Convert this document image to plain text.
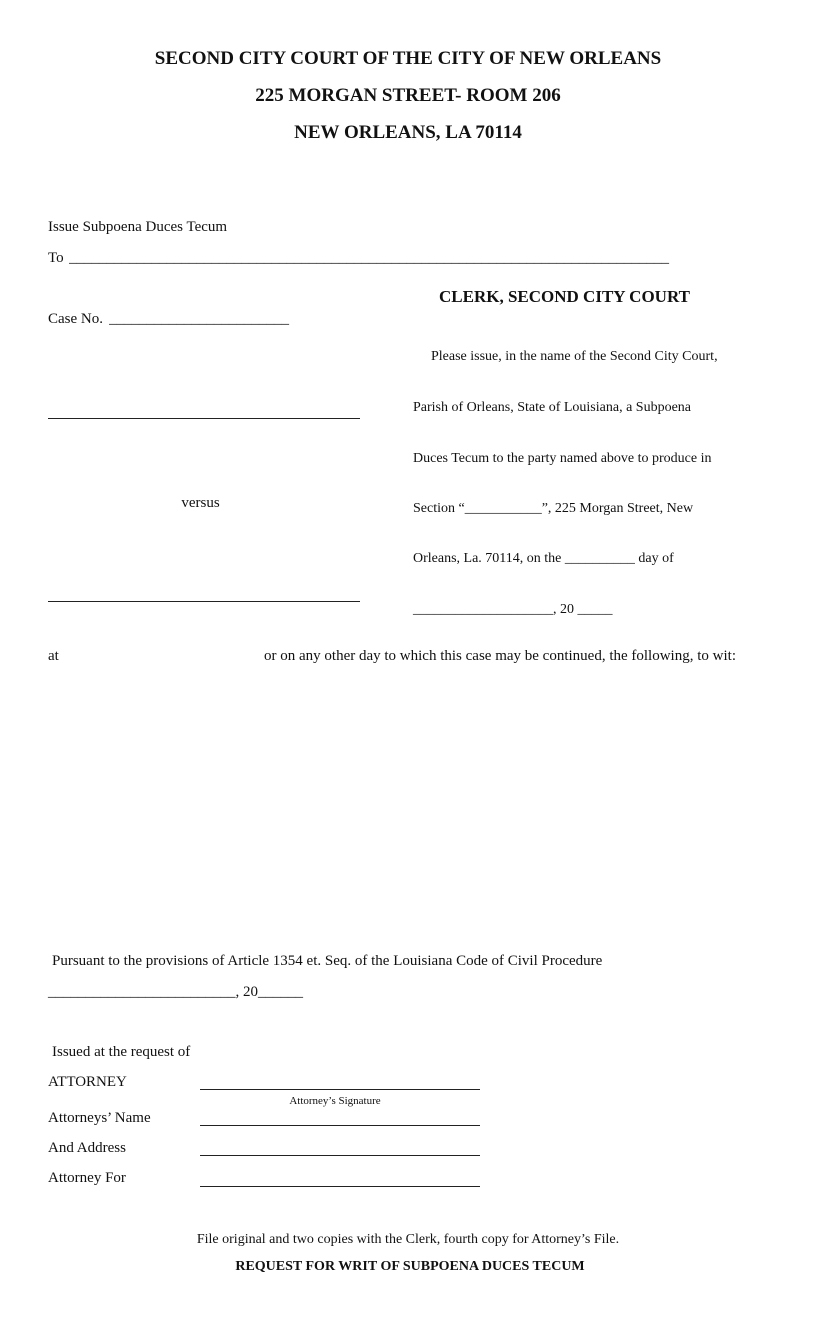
SECOND CITY COURT OF THE CITY OF NEW ORLEANS
225 MORGAN STREET- ROOM 206
NEW ORLEANS, LA 70114
Issue Subpoena Duces Tecum
To ________________________________________________________________________________
Case No. ________________________
versus
CLERK, SECOND CITY COURT
Please issue, in the name of the Second City Court,
Parish of Orleans, State of Louisiana, a Subpoena
Duces Tecum to the party named above to produce in
Section “___________”, 225 Morgan Street, New
Orleans, La. 70114, on the __________ day of
____________________, 20 _____
at	or on any other day to which this case may be continued, the following, to wit:
Pursuant to the provisions of Article 1354 et. Seq. of the Louisiana Code of Civil Procedure
_________________________, 20______
Issued at the request of
ATTORNEY
Attorney’s Signature
Attorneys’ Name
And Address
Attorney For
File original and two copies with the Clerk, fourth copy for Attorney’s File.
REQUEST FOR WRIT OF SUBPOENA DUCES TECUM
